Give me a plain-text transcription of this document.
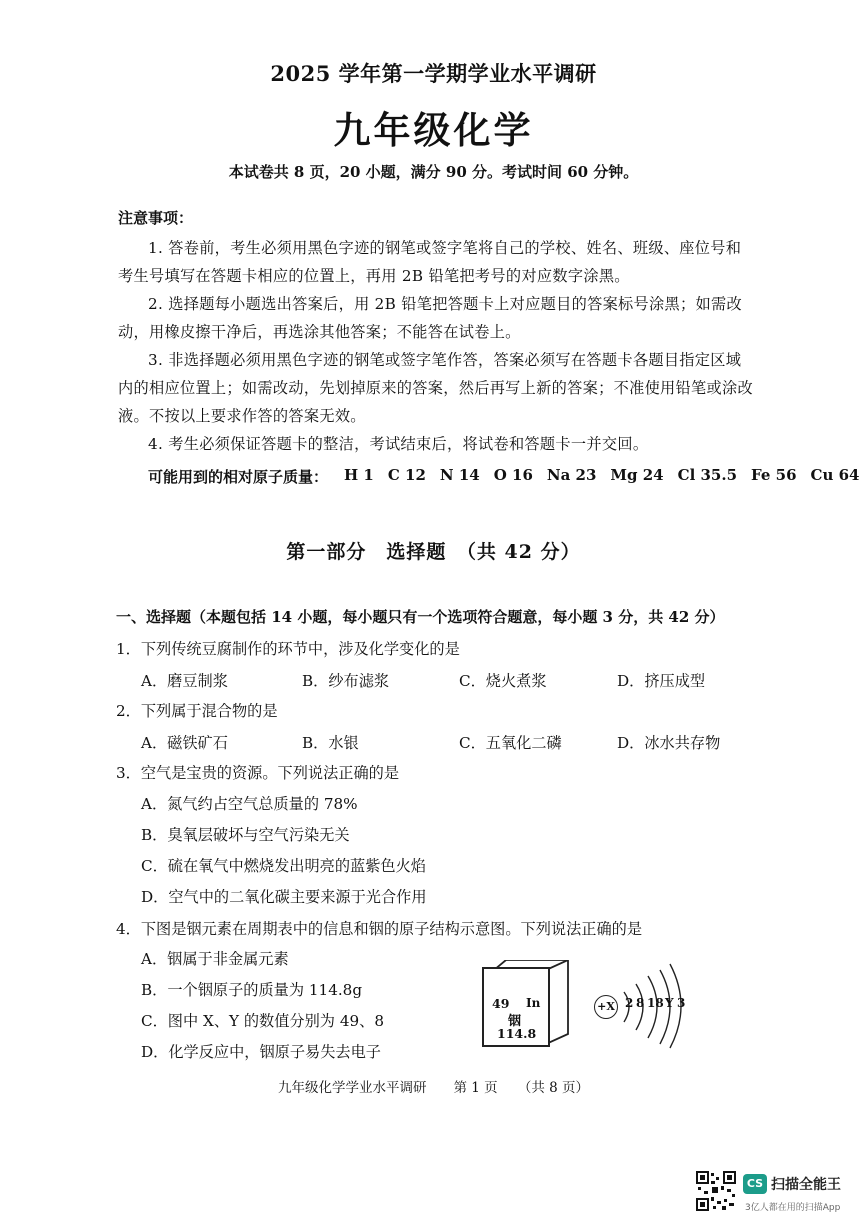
2025 学年第一学期学业水平调研
九年级化学
本试卷共 8 页，20 小题，满分 90 分。考试时间 60 分钟。
注意事项：
1. 答卷前，考生必须用黑色字迹的钢笔或签字笔将自己的学校、姓名、班级、座位号和
考生号填写在答题卡相应的位置上，再用 2B 铅笔把考号的对应数字涂黑。
2. 选择题每小题选出答案后，用 2B 铅笔把答题卡上对应题目的答案标号涂黑；如需改
动，用橡皮擦干净后，再选涂其他答案；不能答在试卷上。
3. 非选择题必须用黑色字迹的钢笔或签字笔作答，答案必须写在答题卡各题目指定区域
内的相应位置上；如需改动，先划掉原来的答案，然后再写上新的答案；不准使用铅笔或涂改
液。不按以上要求作答的答案无效。
4. 考生必须保证答题卡的整洁，考试结束后，将试卷和答题卡一并交回。
可能用到的相对原子质量： H 1 C 12 N 14 O 16 Na 23 Mg 24 Cl 35.5 Fe 56 Cu 64
第一部分　选择题　（共 42 分）
一、选择题（本题包括 14 小题，每小题只有一个选项符合题意，每小题 3 分，共 42 分）
1．下列传统豆腐制作的环节中，涉及化学变化的是
A．磨豆制浆	B．纱布滤浆	C．烧火煮浆	D．挤压成型
2．下列属于混合物的是
A．磁铁矿石	B．水银	C．五氧化二磷	D．冰水共存物
3．空气是宝贵的资源。下列说法正确的是
A．氮气约占空气总质量的 78%
B．臭氧层破坏与空气污染无关
C．硫在氧气中燃烧发出明亮的蓝紫色火焰
D．空气中的二氧化碳主要来源于光合作用
4．下图是铟元素在周期表中的信息和铟的原子结构示意图。下列说法正确的是
A．铟属于非金属元素
B．一个铟原子的质量为 114.8g
C．图中 X、Y 的数值分别为 49、8
D．化学反应中，铟原子易失去电子
49 In
铟
114.8
+X 2 8 18 Y 3
九年级化学学业水平调研　　第 1 页　　（共 8 页）
CS 扫描全能王
3亿人都在用的扫描App
